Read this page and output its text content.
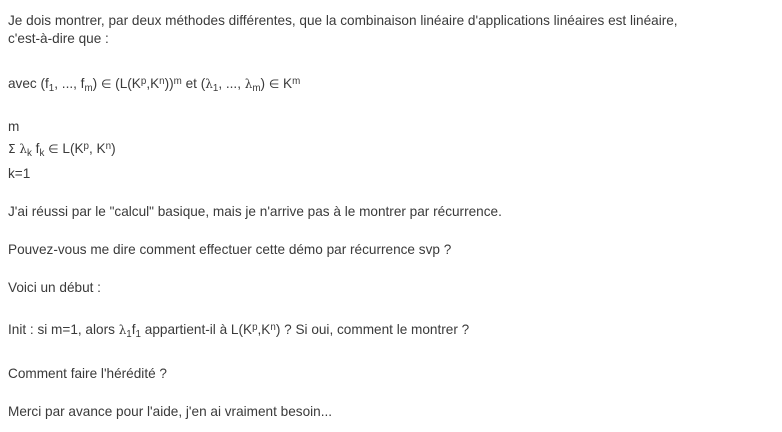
Je dois montrer, par deux méthodes différentes, que la combinaison linéaire d'applications linéaires est linéaire,
c'est-à-dire que :
avec ($f_1$, ..., $f_m$) ∈ $(L(K^p,K^n))^m$ et ($\lambda_1$, ..., $\lambda_m$) ∈ $K^m$
m
Σ $\lambda_k$ $f_k$ ∈ $L(K^p$, $K^n$)
k=1
J'ai réussi par le "calcul" basique, mais je n'arrive pas à le montrer par récurrence.
Pouvez-vous me dire comment effectuer cette démo par récurrence svp ?
Voici un début :
Init : si m=1, alors $\lambda_1f_1$ appartient-il à $L(K^p,K^n)$ ? Si oui, comment le montrer ?
Comment faire l'hérédité ?
Merci par avance pour l'aide, j'en ai vraiment besoin...
